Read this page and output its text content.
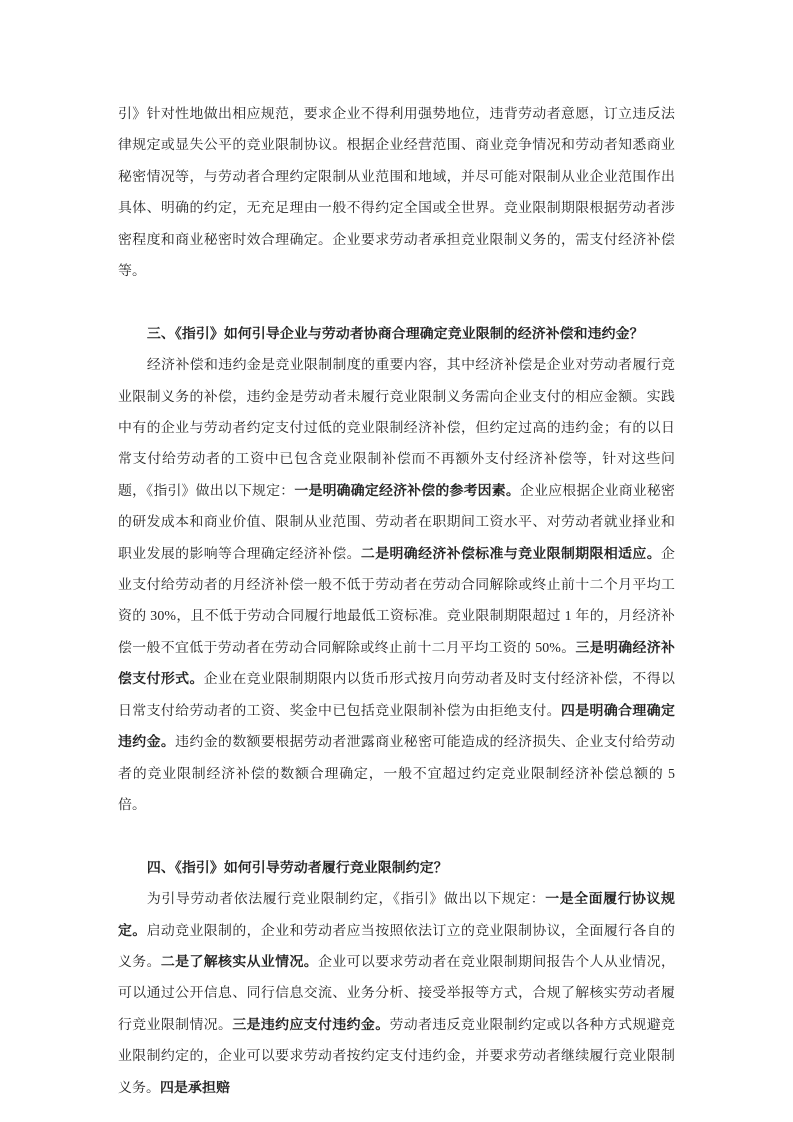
引》针对性地做出相应规范，要求企业不得利用强势地位，违背劳动者意愿，订立违反法律规定或显失公平的竞业限制协议。根据企业经营范围、商业竞争情况和劳动者知悉商业秘密情况等，与劳动者合理约定限制从业范围和地域，并尽可能对限制从业企业范围作出具体、明确的约定，无充足理由一般不得约定全国或全世界。竞业限制期限根据劳动者涉密程度和商业秘密时效合理确定。企业要求劳动者承担竞业限制义务的，需支付经济补偿等。

三、《指引》如何引导企业与劳动者协商合理确定竞业限制的经济补偿和违约金？

经济补偿和违约金是竞业限制制度的重要内容，其中经济补偿是企业对劳动者履行竞业限制义务的补偿，违约金是劳动者未履行竞业限制义务需向企业支付的相应金额。实践中有的企业与劳动者约定支付过低的竞业限制经济补偿，但约定过高的违约金；有的以日常支付给劳动者的工资中已包含竞业限制补偿而不再额外支付经济补偿等，针对这些问题，《指引》做出以下规定：一是明确确定经济补偿的参考因素。企业应根据企业商业秘密的研发成本和商业价值、限制从业范围、劳动者在职期间工资水平、对劳动者就业择业和职业发展的影响等合理确定经济补偿。二是明确经济补偿标准与竞业限制期限相适应。企业支付给劳动者的月经济补偿一般不低于劳动者在劳动合同解除或终止前十二个月平均工资的 30%，且不低于劳动合同履行地最低工资标准。竞业限制期限超过 1 年的，月经济补偿一般不宜低于劳动者在劳动合同解除或终止前十二月平均工资的 50%。三是明确经济补偿支付形式。企业在竞业限制期限内以货币形式按月向劳动者及时支付经济补偿，不得以日常支付给劳动者的工资、奖金中已包括竞业限制补偿为由拒绝支付。四是明确合理确定违约金。违约金的数额要根据劳动者泄露商业秘密可能造成的经济损失、企业支付给劳动者的竞业限制经济补偿的数额合理确定，一般不宜超过约定竞业限制经济补偿总额的 5 倍。

四、《指引》如何引导劳动者履行竞业限制约定？

为引导劳动者依法履行竞业限制约定，《指引》做出以下规定：一是全面履行协议规定。启动竞业限制的，企业和劳动者应当按照依法订立的竞业限制协议，全面履行各自的义务。二是了解核实从业情况。企业可以要求劳动者在竞业限制期间报告个人从业情况，可以通过公开信息、同行信息交流、业务分析、接受举报等方式，合规了解核实劳动者履行竞业限制情况。三是违约应支付违约金。劳动者违反竞业限制约定或以各种方式规避竞业限制约定的，企业可以要求劳动者按约定支付违约金，并要求劳动者继续履行竞业限制义务。四是承担赔
